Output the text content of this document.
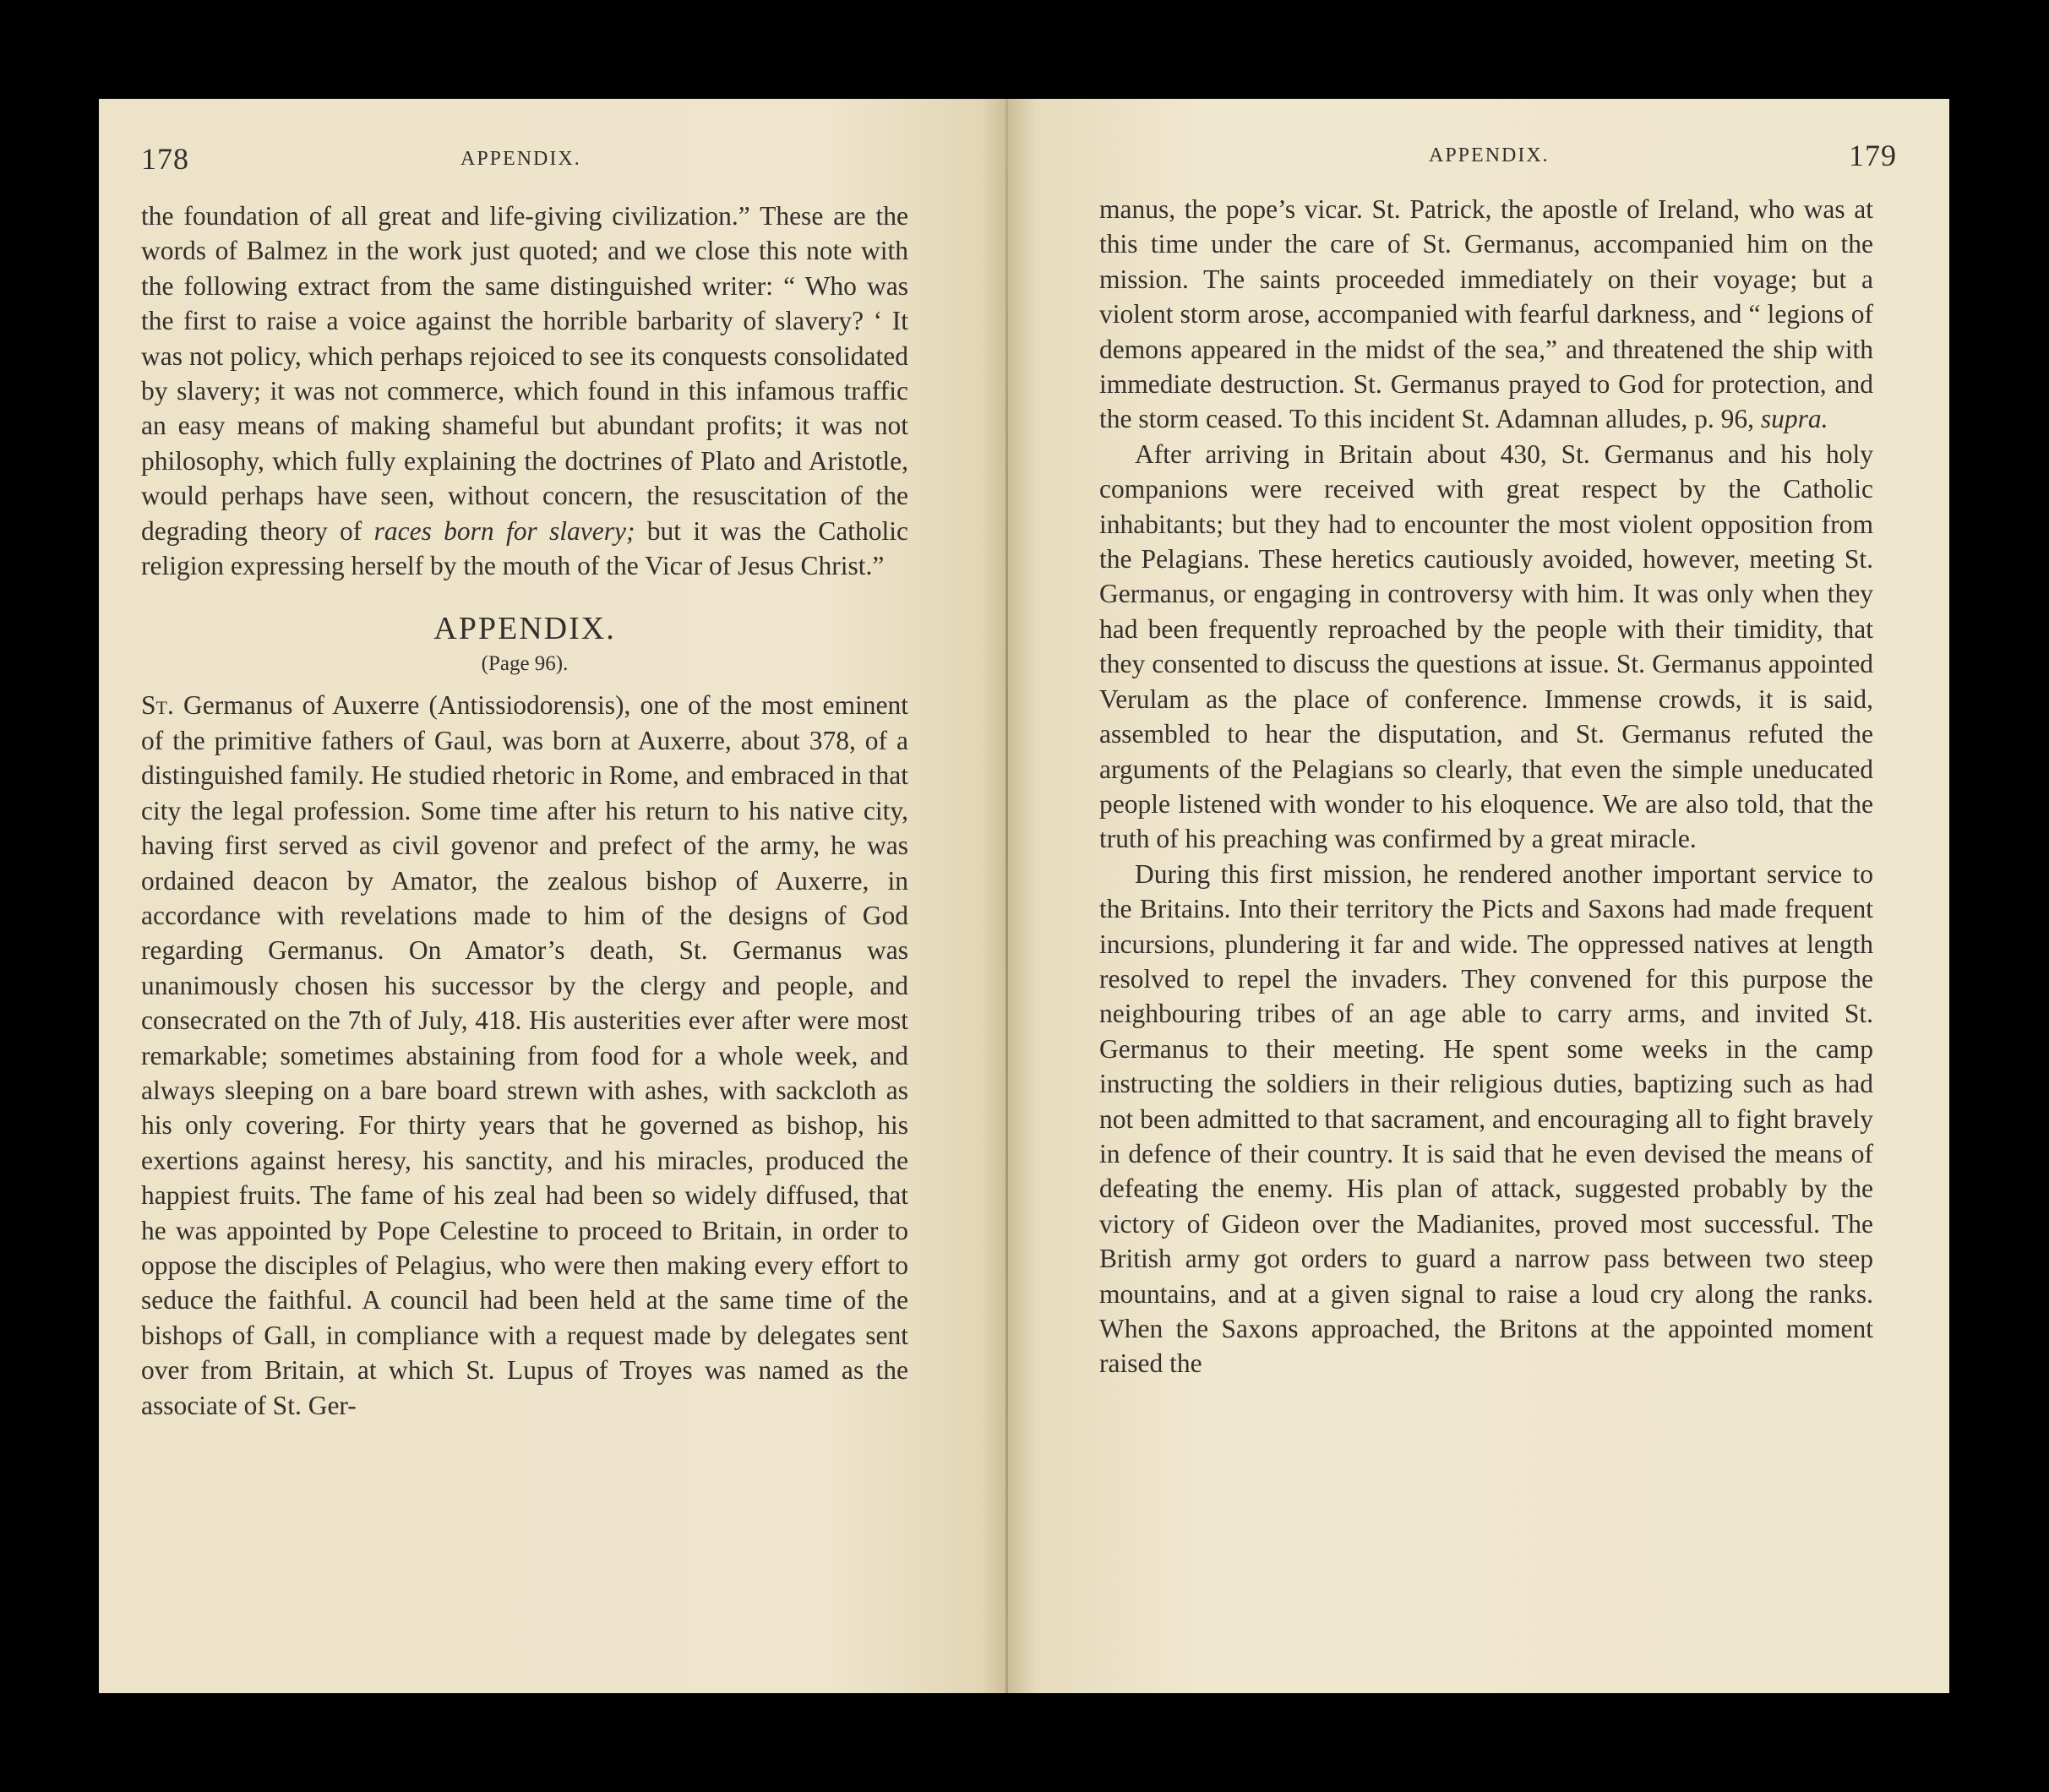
178	APPENDIX.

the foundation of all great and life-giving civilization.” These are the words of Balmez in the work just quoted; and we close this note with the following extract from the same distinguished writer: “ Who was the first to raise a voice against the horrible barbarity of slavery? ‘ It was not policy, which perhaps rejoiced to see its conquests consolidated by slavery; it was not commerce, which found in this infamous traffic an easy means of making shameful but abundant profits; it was not philosophy, which fully explaining the doctrines of Plato and Aristotle, would perhaps have seen, without concern, the resuscitation of the degrading theory of races born for slavery; but it was the Catholic religion expressing herself by the mouth of the Vicar of Jesus Christ.”

APPENDIX.
(Page 96).

St. Germanus of Auxerre (Antissiodorensis), one of the most eminent of the primitive fathers of Gaul, was born at Auxerre, about 378, of a distinguished family. He studied rhetoric in Rome, and embraced in that city the legal profession. Some time after his return to his native city, having first served as civil govenor and prefect of the army, he was ordained deacon by Amator, the zealous bishop of Auxerre, in accordance with revelations made to him of the designs of God regarding Germanus. On Amator’s death, St. Germanus was unanimously chosen his successor by the clergy and people, and consecrated on the 7th of July, 418. His austerities ever after were most remarkable; sometimes abstaining from food for a whole week, and always sleeping on a bare board strewn with ashes, with sackcloth as his only covering. For thirty years that he governed as bishop, his exertions against heresy, his sanctity, and his miracles, produced the happiest fruits. The fame of his zeal had been so widely diffused, that he was appointed by Pope Celestine to proceed to Britain, in order to oppose the disciples of Pelagius, who were then making every effort to seduce the faithful. A council had been held at the same time of the bishops of Gall, in compliance with a request made by delegates sent over from Britain, at which St. Lupus of Troyes was named as the associate of St. Ger-

APPENDIX.	179

manus, the pope’s vicar. St. Patrick, the apostle of Ireland, who was at this time under the care of St. Germanus, accompanied him on the mission. The saints proceeded immediately on their voyage; but a violent storm arose, accompanied with fearful darkness, and “ legions of demons appeared in the midst of the sea,” and threatened the ship with immediate destruction. St. Germanus prayed to God for protection, and the storm ceased. To this incident St. Adamnan alludes, p. 96, supra.

After arriving in Britain about 430, St. Germanus and his holy companions were received with great respect by the Catholic inhabitants; but they had to encounter the most violent opposition from the Pelagians. These heretics cautiously avoided, however, meeting St. Germanus, or engaging in controversy with him. It was only when they had been frequently reproached by the people with their timidity, that they consented to discuss the questions at issue. St. Germanus appointed Verulam as the place of conference. Immense crowds, it is said, assembled to hear the disputation, and St. Germanus refuted the arguments of the Pelagians so clearly, that even the simple uneducated people listened with wonder to his eloquence. We are also told, that the truth of his preaching was confirmed by a great miracle.

During this first mission, he rendered another important service to the Britains. Into their territory the Picts and Saxons had made frequent incursions, plundering it far and wide. The oppressed natives at length resolved to repel the invaders. They convened for this purpose the neighbouring tribes of an age able to carry arms, and invited St. Germanus to their meeting. He spent some weeks in the camp instructing the soldiers in their religious duties, baptizing such as had not been admitted to that sacrament, and encouraging all to fight bravely in defence of their country. It is said that he even devised the means of defeating the enemy. His plan of attack, suggested probably by the victory of Gideon over the Madianites, proved most successful. The British army got orders to guard a narrow pass between two steep mountains, and at a given signal to raise a loud cry along the ranks. When the Saxons approached, the Britons at the appointed moment raised the
